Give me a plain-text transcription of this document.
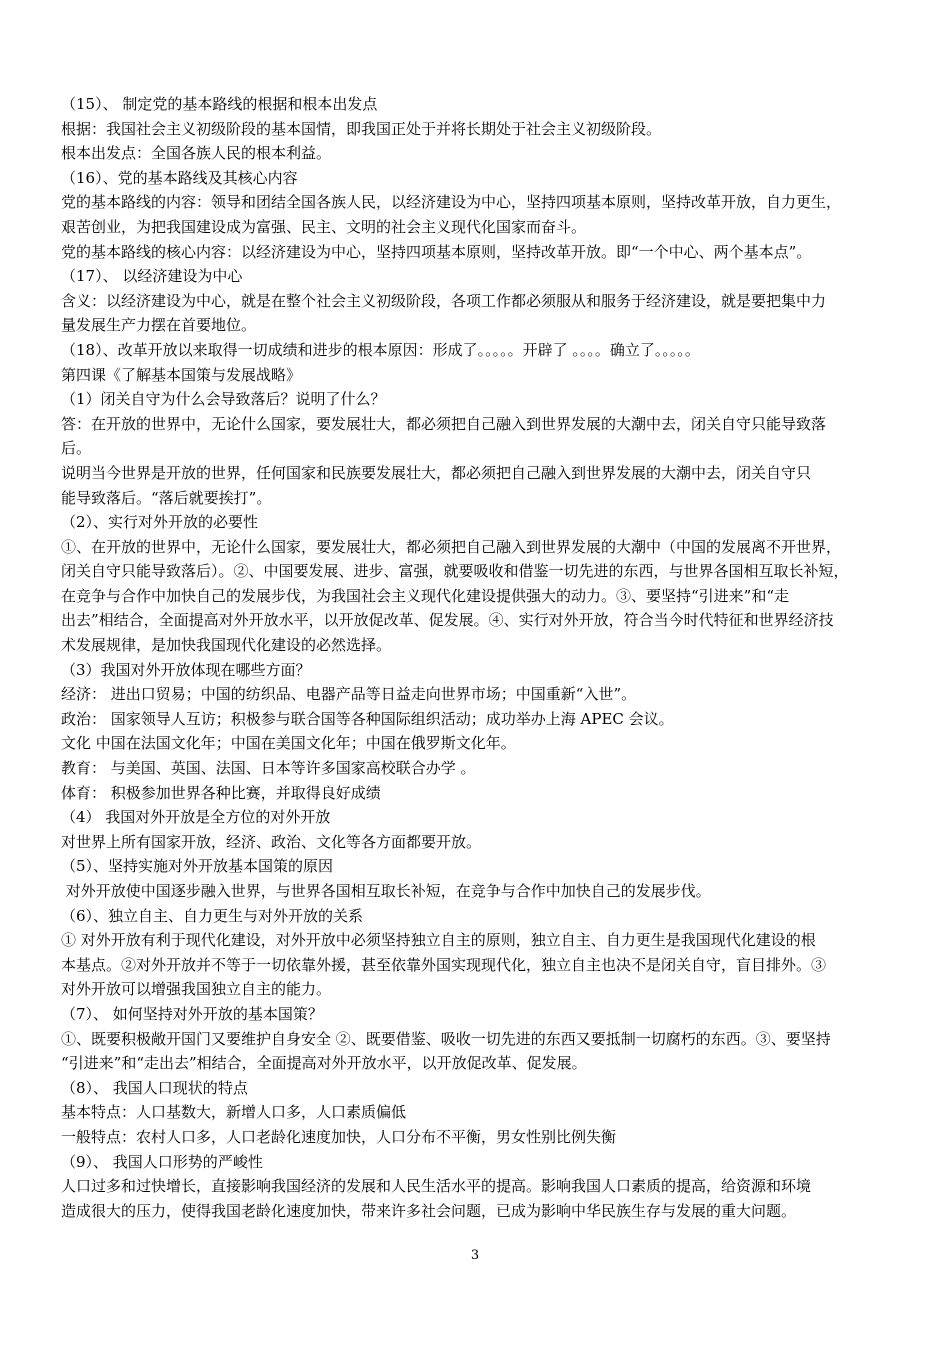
（15）、 制定党的基本路线的根据和根本出发点

根据：我国社会主义初级阶段的基本国情，即我国正处于并将长期处于社会主义初级阶段。

根本出发点：全国各族人民的根本利益。

（16）、党的基本路线及其核心内容

党的基本路线的内容：领导和团结全国各族人民，以经济建设为中心，坚持四项基本原则，坚持改革开放，自力更生，

艰苦创业，为把我国建设成为富强、民主、文明的社会主义现代化国家而奋斗。

党的基本路线的核心内容：以经济建设为中心，坚持四项基本原则，坚持改革开放。即“一个中心、两个基本点”。

（17）、 以经济建设为中心

含义：以经济建设为中心，就是在整个社会主义初级阶段，各项工作都必须服从和服务于经济建设，就是要把集中力

量发展生产力摆在首要地位。

（18）、改革开放以来取得一切成绩和进步的根本原因：形成了。。。。。开辟了 。。。。确立了。。。。。

第四课《了解基本国策与发展战略》

（1）闭关自守为什么会导致落后？说明了什么？

答：在开放的世界中，无论什么国家，要发展壮大，都必须把自己融入到世界发展的大潮中去，闭关自守只能导致落

后。

说明当今世界是开放的世界，任何国家和民族要发展壮大，都必须把自己融入到世界发展的大潮中去，闭关自守只

能导致落后。“落后就要挨打”。

（2）、实行对外开放的必要性

①、在开放的世界中，无论什么国家，要发展壮大，都必须把自己融入到世界发展的大潮中（中国的发展离不开世界，

闭关自守只能导致落后）。②、中国要发展、进步、富强，就要吸收和借鉴一切先进的东西，与世界各国相互取长补短，

在竞争与合作中加快自己的发展步伐，为我国社会主义现代化建设提供强大的动力。③、要坚持“引进来”和“走

出去”相结合，全面提高对外开放水平，以开放促改革、促发展。④、实行对外开放，符合当今时代特征和世界经济技

术发展规律，是加快我国现代化建设的必然选择。

（3）我国对外开放体现在哪些方面？

经济： 进出口贸易；中国的纺织品、电器产品等日益走向世界市场；中国重新“入世”。

政治： 国家领导人互访；积极参与联合国等各种国际组织活动；成功举办上海 APEC 会议。

文化 中国在法国文化年；中国在美国文化年；中国在俄罗斯文化年。

教育： 与美国、英国、法国、日本等许多国家高校联合办学 。

体育： 积极参加世界各种比赛，并取得良好成绩

（4） 我国对外开放是全方位的对外开放

对世界上所有国家开放，经济、政治、文化等各方面都要开放。

（5）、坚持实施对外开放基本国策的原因

对外开放使中国逐步融入世界，与世界各国相互取长补短，在竞争与合作中加快自己的发展步伐。

（6）、独立自主、自力更生与对外开放的关系

① 对外开放有利于现代化建设，对外开放中必须坚持独立自主的原则，独立自主、自力更生是我国现代化建设的根

本基点。②对外开放并不等于一切依靠外援，甚至依靠外国实现现代化，独立自主也决不是闭关自守，盲目排外。③

对外开放可以增强我国独立自主的能力。

（7）、 如何坚持对外开放的基本国策？

①、既要积极敞开国门又要维护自身安全 ②、既要借鉴、吸收一切先进的东西又要抵制一切腐朽的东西。③、要坚持

“引进来”和“走出去”相结合，全面提高对外开放水平，以开放促改革、促发展。

（8）、 我国人口现状的特点

基本特点：人口基数大，新增人口多，人口素质偏低

一般特点：农村人口多，人口老龄化速度加快，人口分布不平衡，男女性别比例失衡

（9）、 我国人口形势的严峻性

人口过多和过快增长，直接影响我国经济的发展和人民生活水平的提高。影响我国人口素质的提高，给资源和环境

造成很大的压力，使得我国老龄化速度加快，带来许多社会问题，已成为影响中华民族生存与发展的重大问题。

3
